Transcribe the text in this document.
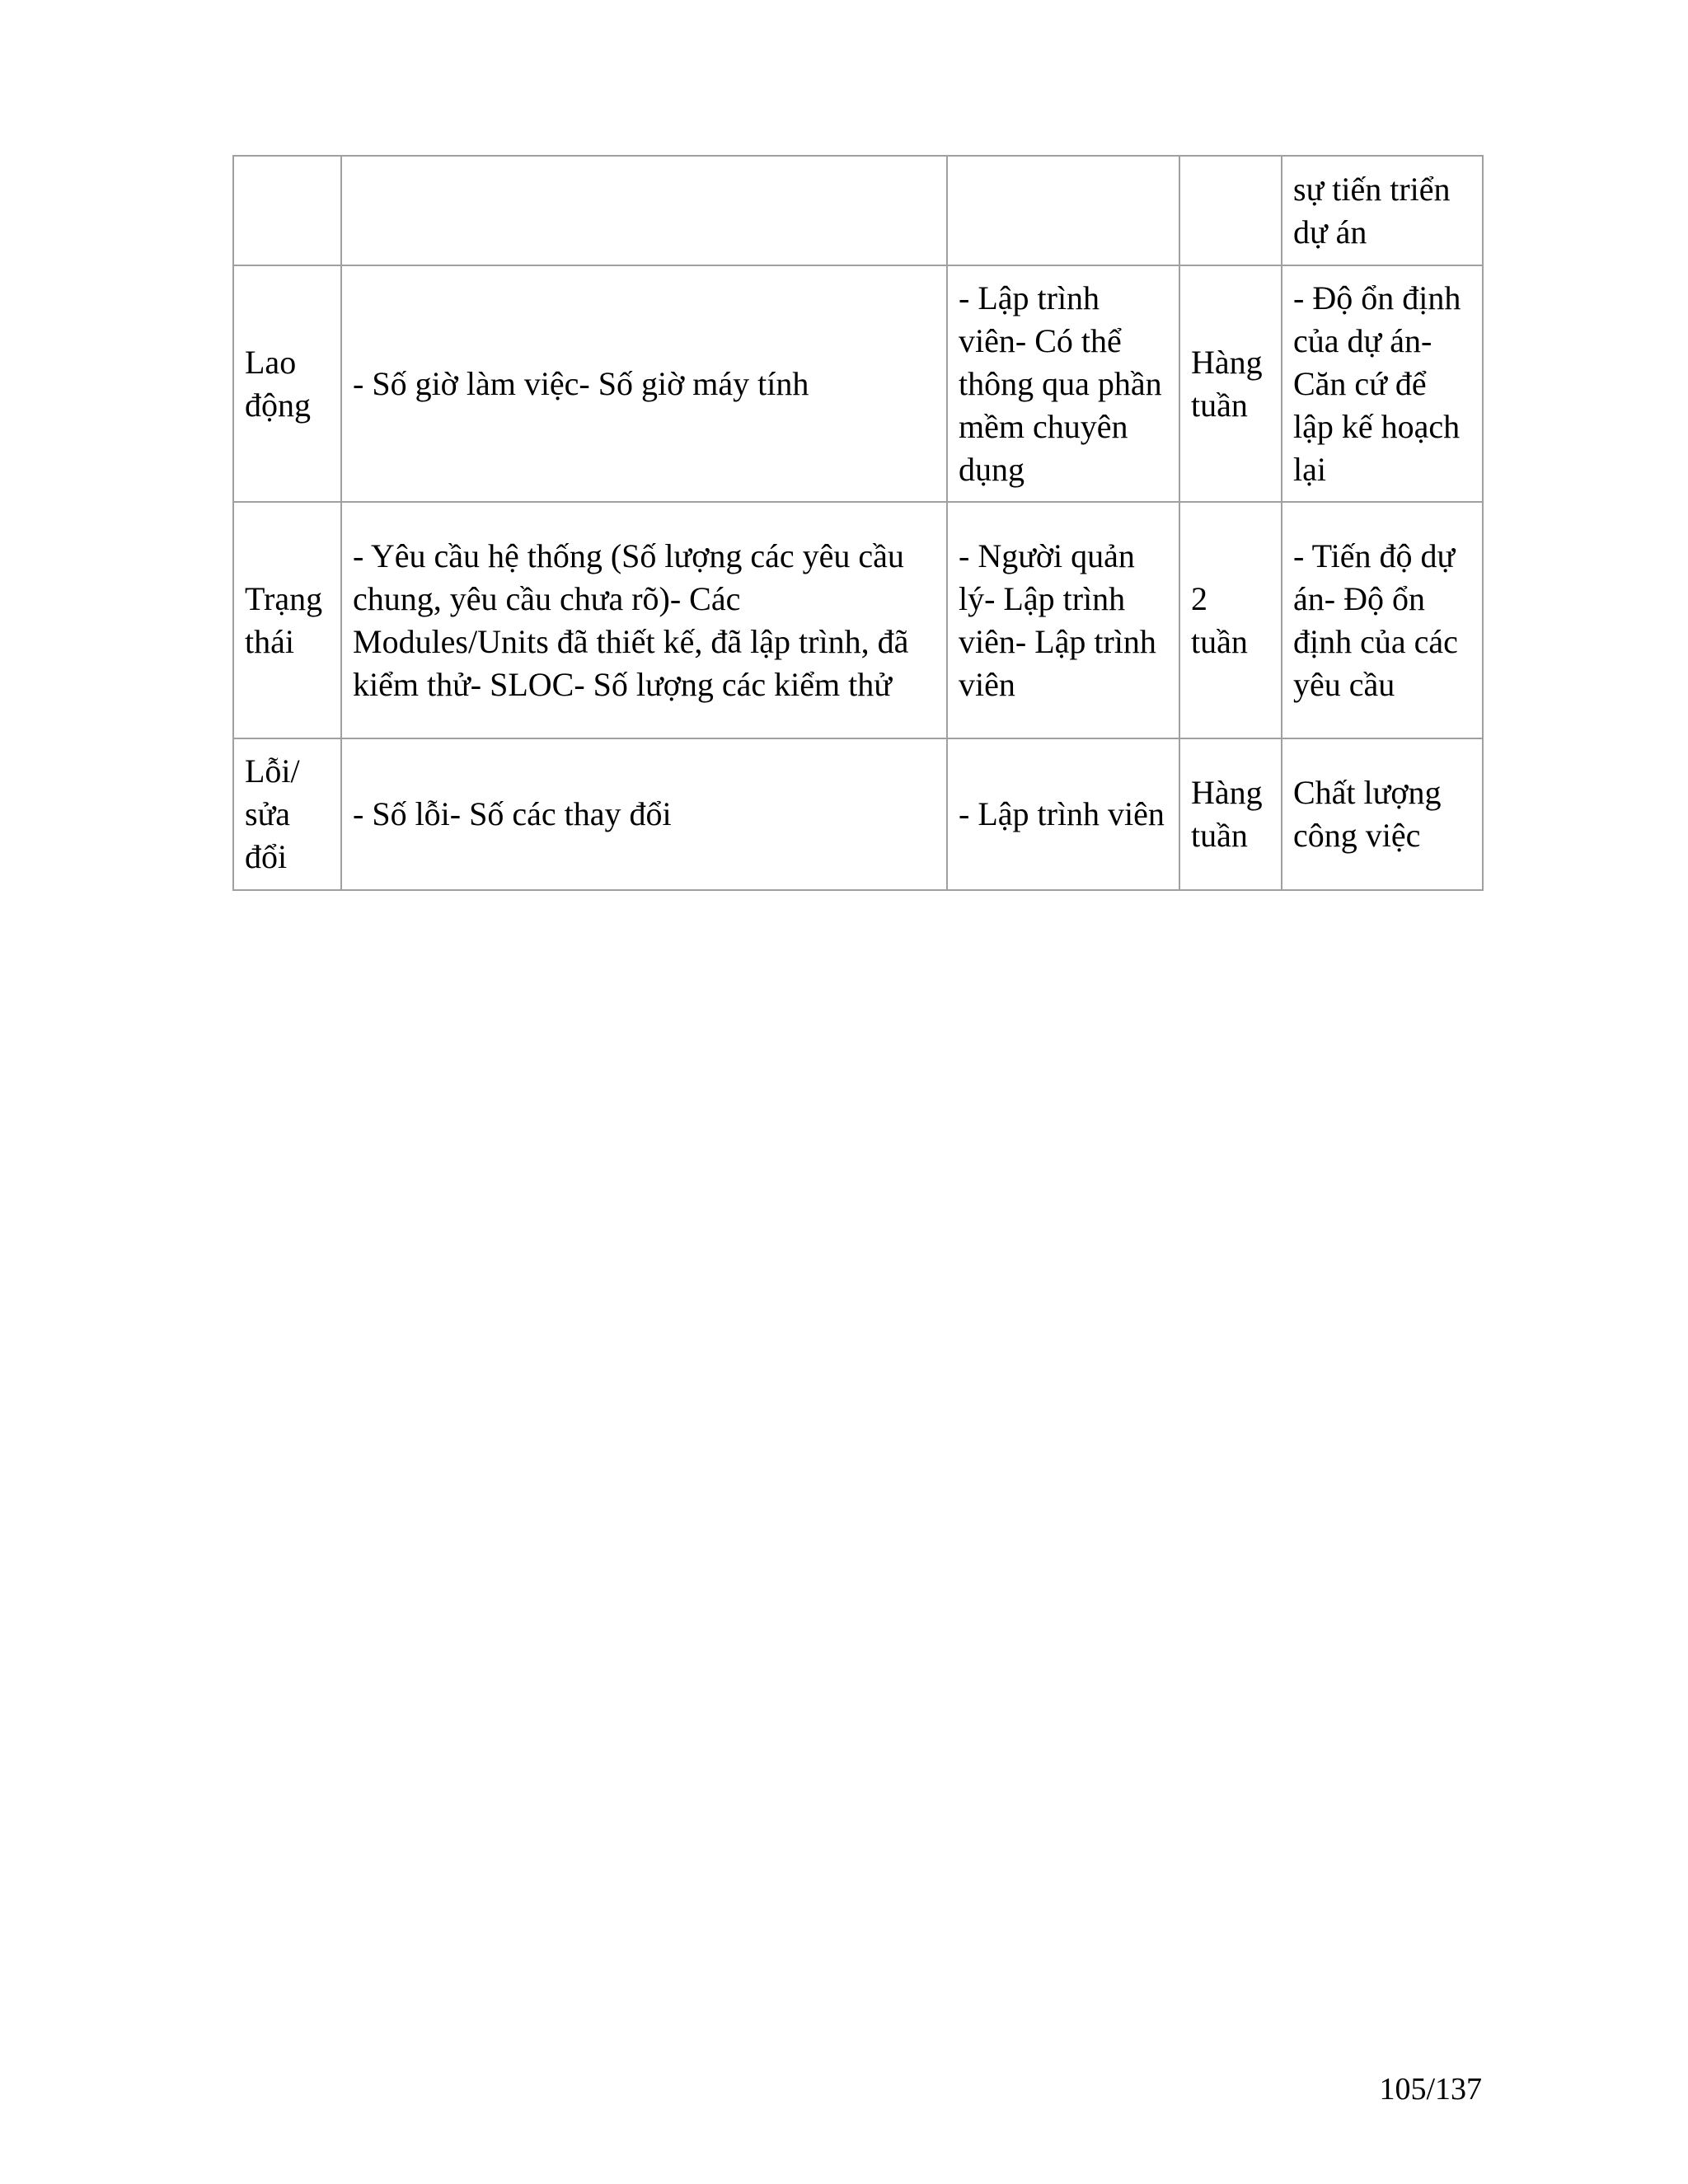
				sự tiến triển dự án
Lao động	- Số giờ làm việc- Số giờ máy tính	- Lập trình viên- Có thể thông qua phần mềm chuyên dụng	Hàng tuần	- Độ ổn định của dự án- Căn cứ để lập kế hoạch lại
Trạng thái	- Yêu cầu hệ thống (Số lượng các yêu cầu chung, yêu cầu chưa rõ)- Các Modules/Units đã thiết kế, đã lập trình, đã kiểm thử- SLOC- Số lượng các kiểm thử	- Người quản lý- Lập trình viên- Lập trình viên	2 tuần	- Tiến độ dự án- Độ ổn định của các yêu cầu
Lỗi/ sửa đổi	- Số lỗi- Số các thay đổi	- Lập trình viên	Hàng tuần	Chất lượng công việc
105/137
